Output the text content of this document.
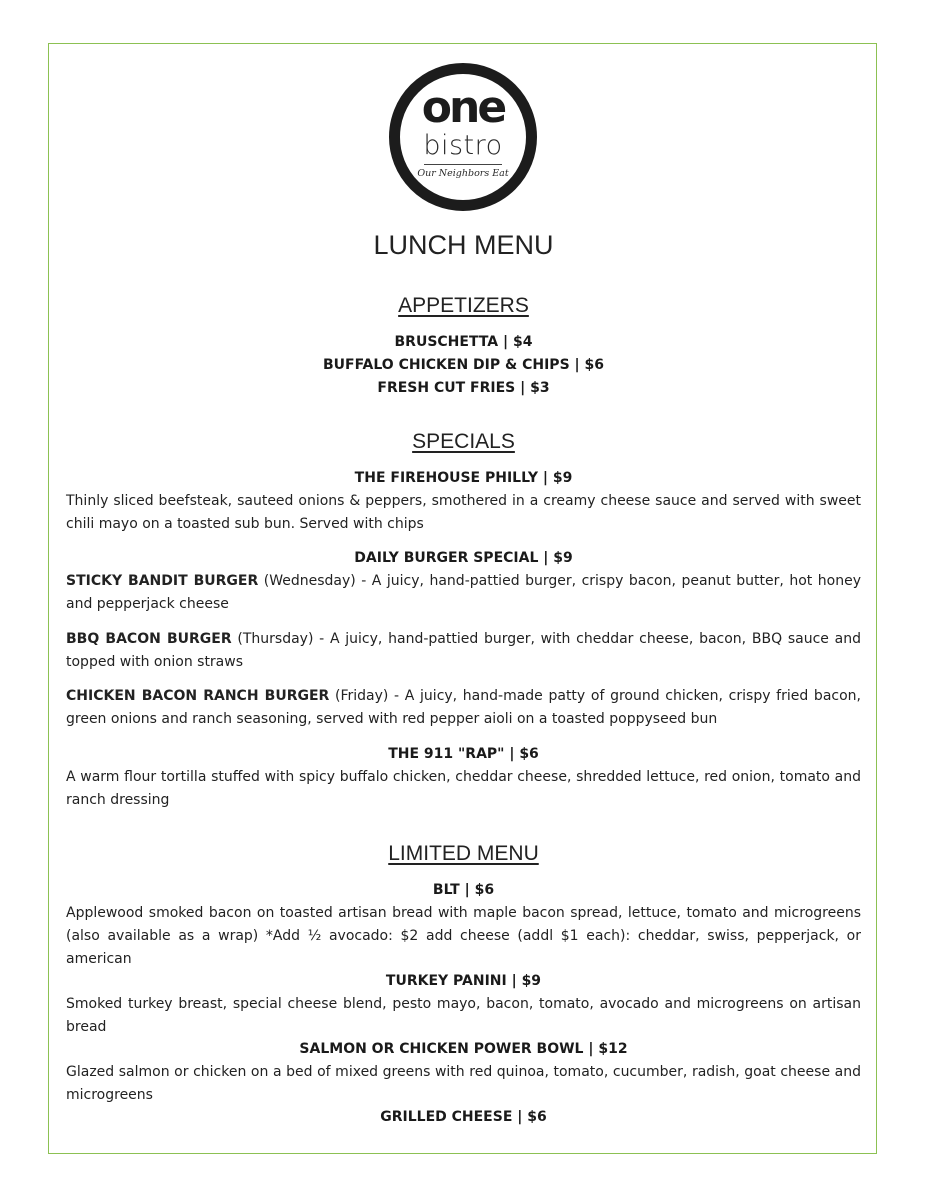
one
bistro
Our Neighbors Eat
LUNCH MENU
APPETIZERS
BRUSCHETTA | $4
BUFFALO CHICKEN DIP & CHIPS | $6
FRESH CUT FRIES | $3
SPECIALS
THE FIREHOUSE PHILLY | $9
Thinly sliced beefsteak, sauteed onions & peppers, smothered in a creamy cheese sauce and served with sweet chili mayo on a toasted sub bun. Served with chips
DAILY BURGER SPECIAL | $9
STICKY BANDIT BURGER (Wednesday) - A juicy, hand-pattied burger, crispy bacon, peanut butter, hot honey and pepperjack cheese
BBQ BACON BURGER (Thursday) - A juicy, hand-pattied burger, with cheddar cheese, bacon, BBQ sauce and topped with onion straws
CHICKEN BACON RANCH BURGER (Friday) - A juicy, hand-made patty of ground chicken, crispy fried bacon, green onions and ranch seasoning, served with red pepper aioli on a toasted poppyseed bun
THE 911 "RAP" | $6
A warm flour tortilla stuffed with spicy buffalo chicken, cheddar cheese, shredded lettuce, red onion, tomato and ranch dressing
LIMITED MENU
BLT | $6
Applewood smoked bacon on toasted artisan bread with maple bacon spread, lettuce, tomato and microgreens (also available as a wrap) *Add ½ avocado: $2 add cheese (addl $1 each): cheddar, swiss, pepperjack, or american
TURKEY PANINI | $9
Smoked turkey breast, special cheese blend, pesto mayo, bacon, tomato, avocado and microgreens on artisan bread
SALMON OR CHICKEN POWER BOWL | $12
Glazed salmon or chicken on a bed of mixed greens with red quinoa, tomato, cucumber, radish, goat cheese and microgreens
GRILLED CHEESE | $6
